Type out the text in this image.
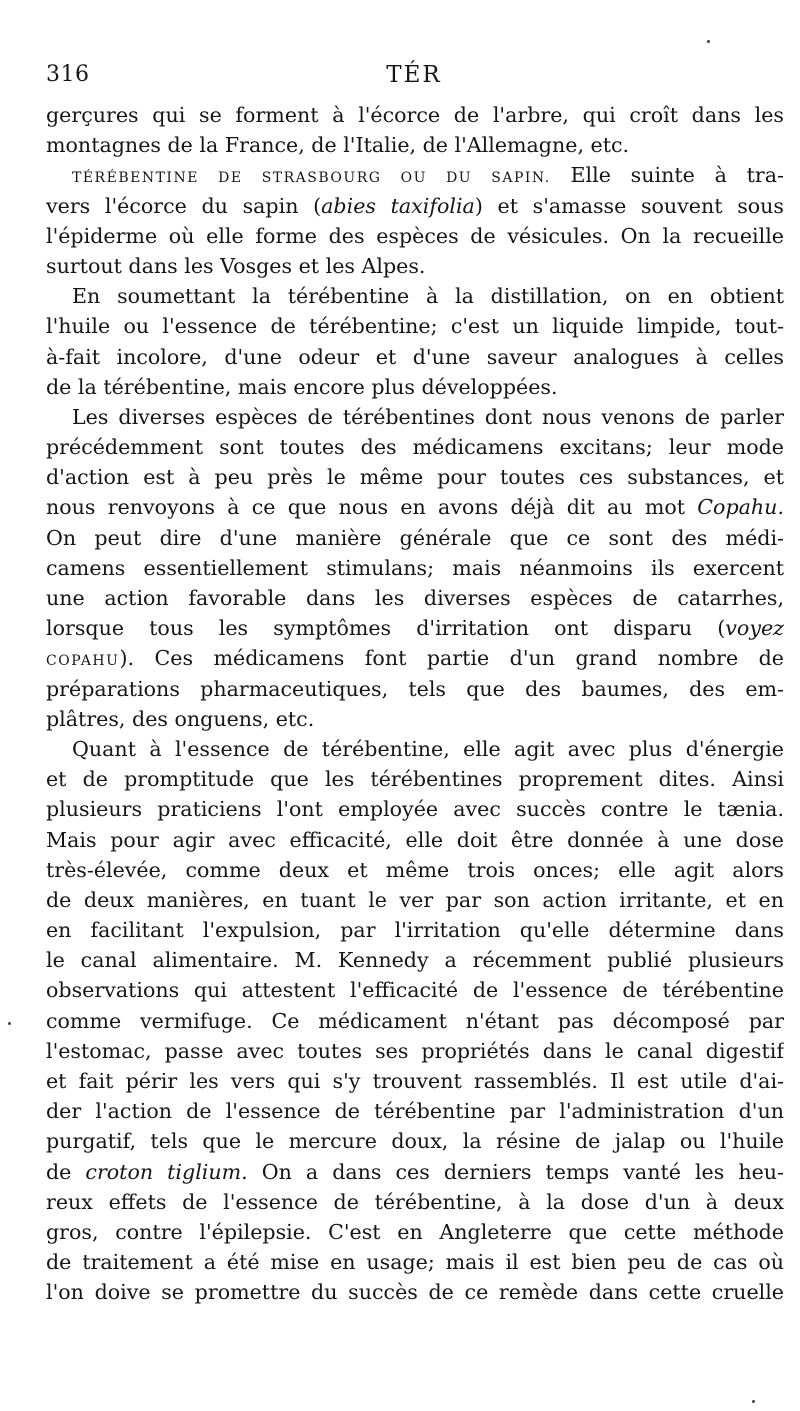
316	TÉR
gerçures qui se forment à l'écorce de l'arbre, qui croît dans les
montagnes de la France, de l'Italie, de l'Allemagne, etc.
TÉRÉBENTINE DE STRASBOURG OU DU SAPIN. Elle suinte à tra-
vers l'écorce du sapin (abies taxifolia) et s'amasse souvent sous
l'épiderme où elle forme des espèces de vésicules. On la recueille
surtout dans les Vosges et les Alpes.
En soumettant la térébentine à la distillation, on en obtient
l'huile ou l'essence de térébentine; c'est un liquide limpide, tout-
à-fait incolore, d'une odeur et d'une saveur analogues à celles
de la térébentine, mais encore plus développées.
Les diverses espèces de térébentines dont nous venons de parler
précédemment sont toutes des médicamens excitans; leur mode
d'action est à peu près le même pour toutes ces substances, et
nous renvoyons à ce que nous en avons déjà dit au mot Copahu.
On peut dire d'une manière générale que ce sont des médi-
camens essentiellement stimulans; mais néanmoins ils exercent
une action favorable dans les diverses espèces de catarrhes,
lorsque tous les symptômes d'irritation ont disparu (voyez
COPAHU). Ces médicamens font partie d'un grand nombre de
préparations pharmaceutiques, tels que des baumes, des em-
plâtres, des onguens, etc.
Quant à l'essence de térébentine, elle agit avec plus d'énergie
et de promptitude que les térébentines proprement dites. Ainsi
plusieurs praticiens l'ont employée avec succès contre le tænia.
Mais pour agir avec efficacité, elle doit être donnée à une dose
très-élevée, comme deux et même trois onces; elle agit alors
de deux manières, en tuant le ver par son action irritante, et en
en facilitant l'expulsion, par l'irritation qu'elle détermine dans
le canal alimentaire. M. Kennedy a récemment publié plusieurs
observations qui attestent l'efficacité de l'essence de térébentine
comme vermifuge. Ce médicament n'étant pas décomposé par
l'estomac, passe avec toutes ses propriétés dans le canal digestif
et fait périr les vers qui s'y trouvent rassemblés. Il est utile d'ai-
der l'action de l'essence de térébentine par l'administration d'un
purgatif, tels que le mercure doux, la résine de jalap ou l'huile
de croton tiglium. On a dans ces derniers temps vanté les heu-
reux effets de l'essence de térébentine, à la dose d'un à deux
gros, contre l'épilepsie. C'est en Angleterre que cette méthode
de traitement a été mise en usage; mais il est bien peu de cas où
l'on doive se promettre du succès de ce remède dans cette cruelle
